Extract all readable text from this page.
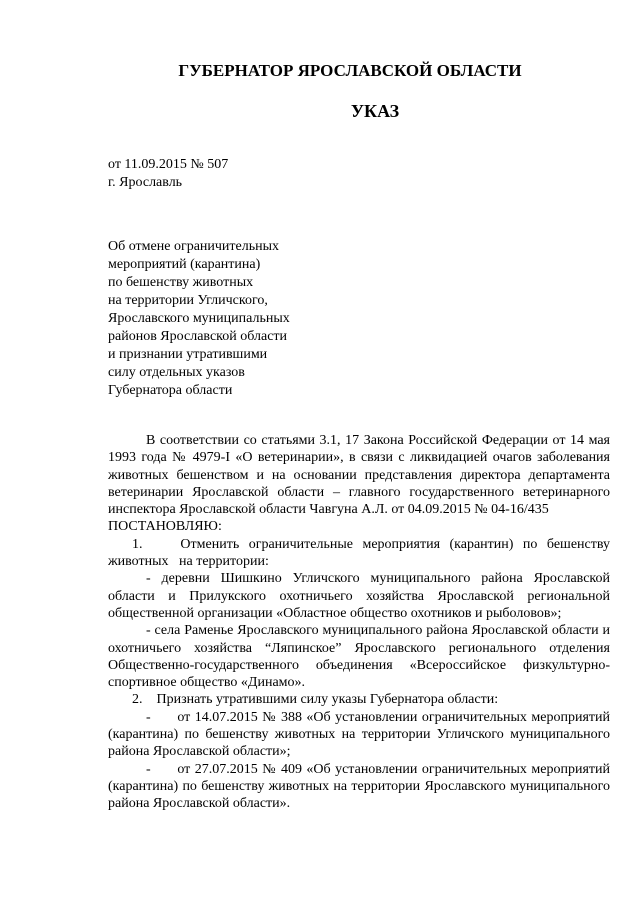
ГУБЕРНАТОР ЯРОСЛАВСКОЙ ОБЛАСТИ
УКАЗ
от 11.09.2015 № 507
г. Ярославль
Об отмене ограничительных
мероприятий (карантина)
по бешенству животных
на территории Угличского,
Ярославского муниципальных
районов Ярославской области
и признании утратившими
силу отдельных указов
Губернатора области

В соответствии со статьями 3.1, 17 Закона Российской Федерации от 14 мая 1993 года № 4979-I «О ветеринарии», в связи с ликвидацией очагов заболевания животных бешенством и на основании представления директора департамента ветеринарии Ярославской области – главного государственного ветеринарного инспектора Ярославской области Чавгуна А.Л. от 04.09.2015 № 04-16/435

ПОСТАНОВЛЯЮ:

1.    Отменить ограничительные мероприятия (карантин) по бешенству животных   на территории:

- деревни Шишкино Угличского муниципального района Ярославской области и Прилукского охотничьего хозяйства Ярославской региональной общественной организации «Областное общество охотников и рыболовов»;

- села Раменье Ярославского муниципального района Ярославской области и охотничьего хозяйства “Ляпинское” Ярославского регионального отделения Общественно-государственного объединения «Всероссийское физкультурно-спортивное общество «Динамо».

2.    Признать утратившими силу указы Губернатора области:

-      от 14.07.2015 № 388 «Об установлении ограничительных мероприятий (карантина) по бешенству животных на территории Угличского муниципального района Ярославской области»;

-      от 27.07.2015 № 409 «Об установлении ограничительных мероприятий (карантина) по бешенству животных на территории Ярославского муниципального района Ярославской области».
